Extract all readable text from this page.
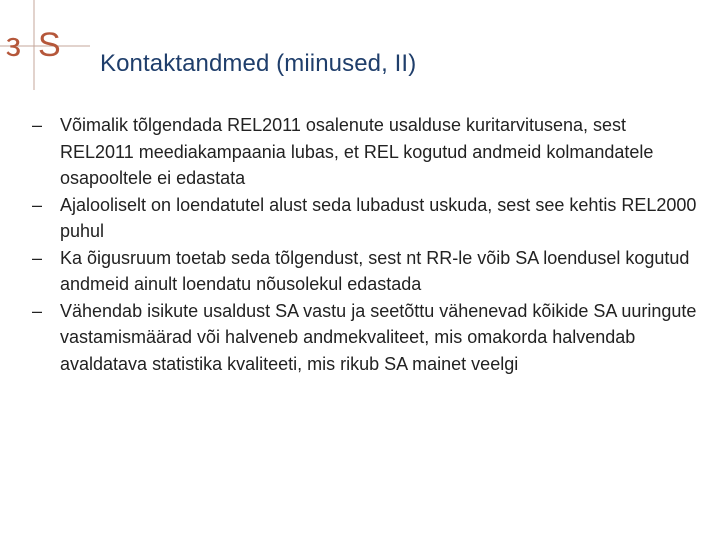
ε S Kontaktandmed (miinused, II)
– Võimalik tõlgendada REL2011 osalenute usalduse kuritarvitusena, sest REL2011 meediakampaania lubas, et REL kogutud andmeid kolmandatele osapooltele ei edastata
– Ajalooliselt on loendatutel alust seda lubadust uskuda, sest see kehtis REL2000 puhul
– Ka õigusruum toetab seda tõlgendust, sest nt RR-le võib SA loendusel kogutud andmeid ainult loendatu nõusolekul edastada
– Vähendab isikute usaldust SA vastu ja seetõttu vähenevad kõikide SA uuringute vastamismäärad või halveneb andmekvaliteet, mis omakorda halvendab avaldatava statistika kvaliteeti, mis rikub SA mainet veelgi
